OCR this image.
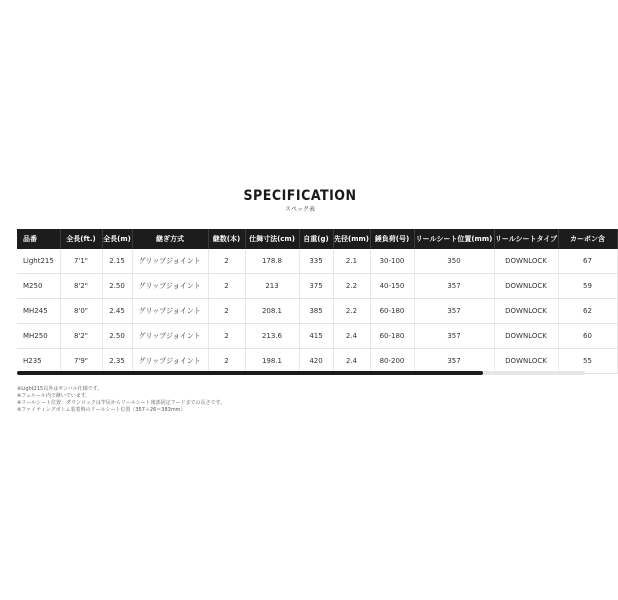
SPECIFICATION
スペック表
品番	全長(ft.)	全長(m)	継ぎ方式	継数(本)	仕舞寸法(cm)	自重(g)	先径(mm)	錘負荷(号)	リールシート位置(mm)	リールシートタイプ	カーボン含
Light215	7'1"	2.15	グリップジョイント	2	178.8	335	2.1	30-100	350	DOWNLOCK	67
M250	8'2"	2.50	グリップジョイント	2	213	375	2.2	40-150	357	DOWNLOCK	59
MH245	8'0"	2.45	グリップジョイント	2	208.1	385	2.2	60-180	357	DOWNLOCK	62
MH250	8'2"	2.50	グリップジョイント	2	213.6	415	2.4	60-180	357	DOWNLOCK	60
H235	7'9"	2.35	グリップジョイント	2	198.1	420	2.4	80-200	357	DOWNLOCK	55
※Light215以外はギンバル仕様です。
※フェルール内で継いでいます。
※リールシート位置：ダウンロックは竿尻からリールシート後部固定フードまでの長さです。
※ファイティングボトム装着時のリールシート位置（357＋26＝383mm）
